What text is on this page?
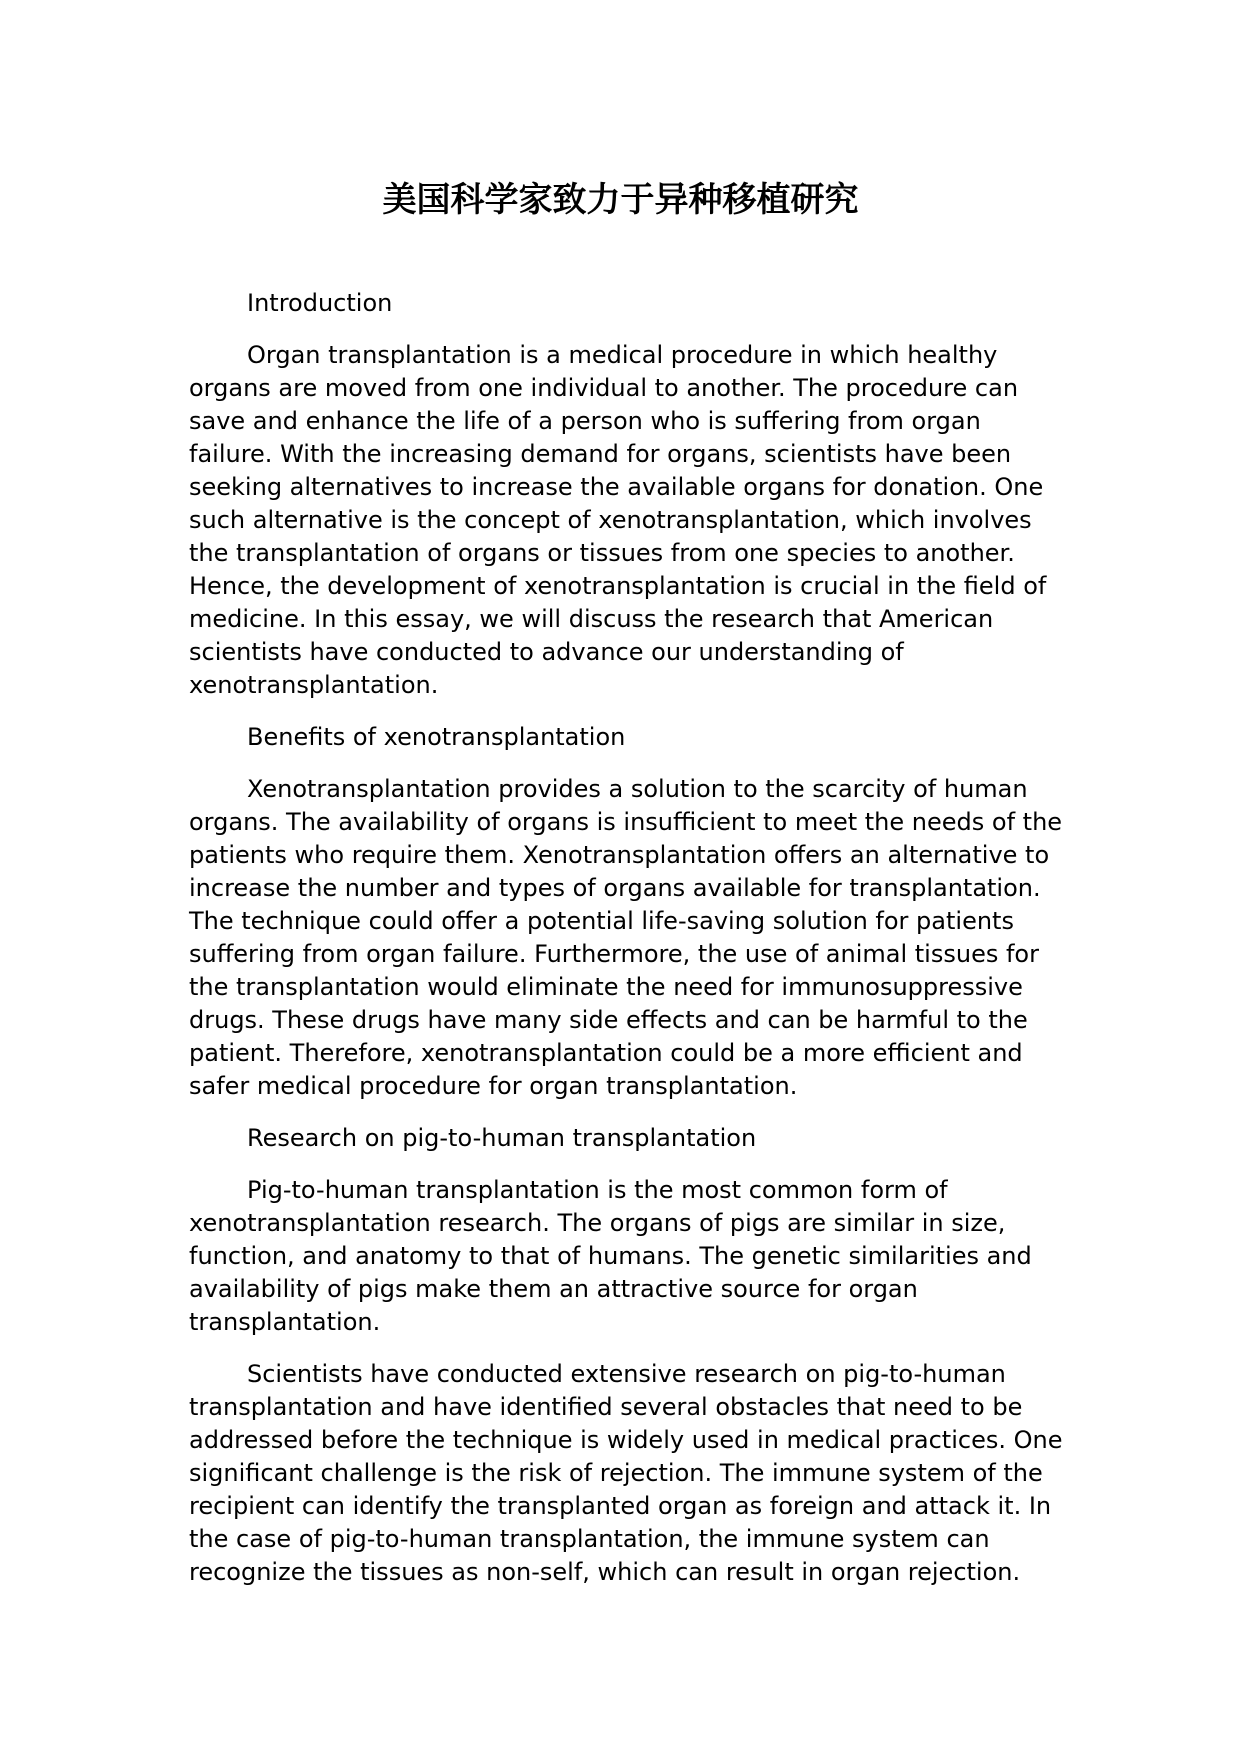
美国科学家致力于异种移植研究

Introduction

Organ transplantation is a medical procedure in which healthy organs are moved from one individual to another. The procedure can save and enhance the life of a person who is suffering from organ failure. With the increasing demand for organs, scientists have been seeking alternatives to increase the available organs for donation. One such alternative is the concept of xenotransplantation, which involves the transplantation of organs or tissues from one species to another. Hence, the development of xenotransplantation is crucial in the field of medicine. In this essay, we will discuss the research that American scientists have conducted to advance our understanding of xenotransplantation.

Benefits of xenotransplantation

Xenotransplantation provides a solution to the scarcity of human organs. The availability of organs is insufficient to meet the needs of the patients who require them. Xenotransplantation offers an alternative to increase the number and types of organs available for transplantation. The technique could offer a potential life-saving solution for patients suffering from organ failure. Furthermore, the use of animal tissues for the transplantation would eliminate the need for immunosuppressive drugs. These drugs have many side effects and can be harmful to the patient. Therefore, xenotransplantation could be a more efficient and safer medical procedure for organ transplantation.

Research on pig-to-human transplantation

Pig-to-human transplantation is the most common form of xenotransplantation research. The organs of pigs are similar in size, function, and anatomy to that of humans. The genetic similarities and availability of pigs make them an attractive source for organ transplantation.

Scientists have conducted extensive research on pig-to-human transplantation and have identified several obstacles that need to be addressed before the technique is widely used in medical practices. One significant challenge is the risk of rejection. The immune system of the recipient can identify the transplanted organ as foreign and attack it. In the case of pig-to-human transplantation, the immune system can recognize the tissues as non-self, which can result in organ rejection.
